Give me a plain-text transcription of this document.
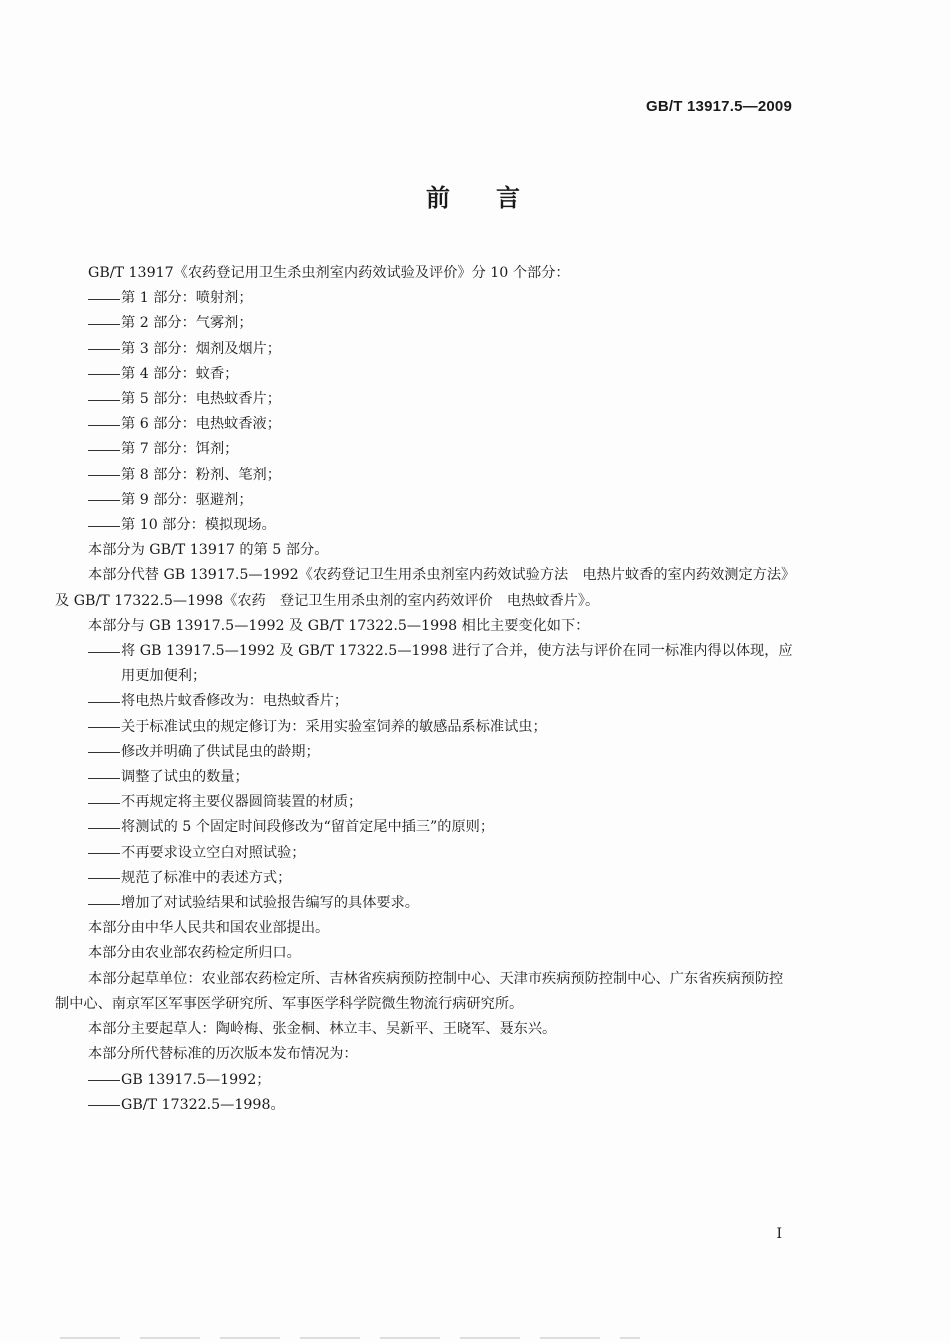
GB/T 13917.5—2009
前 言
GB/T 13917《农药登记用卫生杀虫剂室内药效试验及评价》分 10 个部分：
第 1 部分：喷射剂；
第 2 部分：气雾剂；
第 3 部分：烟剂及烟片；
第 4 部分：蚊香；
第 5 部分：电热蚊香片；
第 6 部分：电热蚊香液；
第 7 部分：饵剂；
第 8 部分：粉剂、笔剂；
第 9 部分：驱避剂；
第 10 部分：模拟现场。
本部分为 GB/T 13917 的第 5 部分。
本部分代替 GB 13917.5—1992《农药登记卫生用杀虫剂室内药效试验方法　电热片蚊香的室内药效测定方法》及 GB/T 17322.5—1998《农药　登记卫生用杀虫剂的室内药效评价　电热蚊香片》。
本部分与 GB 13917.5—1992 及 GB/T 17322.5—1998 相比主要变化如下：
将 GB 13917.5—1992 及 GB/T 17322.5—1998 进行了合并，使方法与评价在同一标准内得以体现，应用更加便利；
将电热片蚊香修改为：电热蚊香片；
关于标准试虫的规定修订为：采用实验室饲养的敏感品系标准试虫；
修改并明确了供试昆虫的龄期；
调整了试虫的数量；
不再规定将主要仪器圆筒装置的材质；
将测试的 5 个固定时间段修改为“留首定尾中插三”的原则；
不再要求设立空白对照试验；
规范了标准中的表述方式；
增加了对试验结果和试验报告编写的具体要求。
本部分由中华人民共和国农业部提出。
本部分由农业部农药检定所归口。
本部分起草单位：农业部农药检定所、吉林省疾病预防控制中心、天津市疾病预防控制中心、广东省疾病预防控制中心、南京军区军事医学研究所、军事医学科学院微生物流行病研究所。
本部分主要起草人：陶岭梅、张金桐、林立丰、吴新平、王晓军、聂东兴。
本部分所代替标准的历次版本发布情况为：
GB 13917.5—1992；
GB/T 17322.5—1998。
I
